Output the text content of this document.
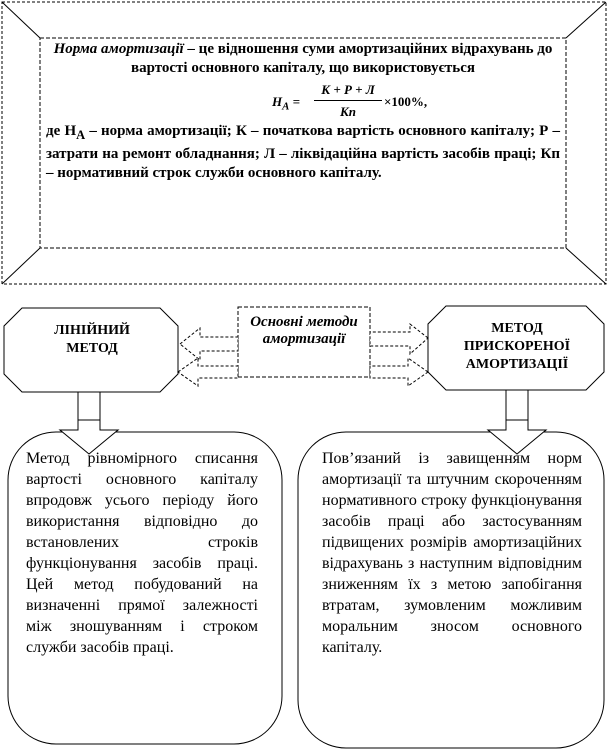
Норма амортизації – це відношення суми амортизаційних відрахувань до вартості основного капіталу, що використовується
$Н_А$ =
К + Р + Л
Кп
×100%,
де $Н_А$ – норма амортизації; К – початкова вартість основного капіталу; Р – затрати на ремонт обладнання; Л – ліквідаційна вартість засобів праці; Кп – нормативний строк служби основного капіталу.
ЛІНІЙНИЙ МЕТОД
МЕТОД ПРИСКОРЕНОЇ АМОРТИЗАЦІЇ
Основні методи амортизації
Метод рівномірного списання вартості основного капіталу впродовж усього періоду його використання відповідно до встановлених строків функціонування засобів праці. Цей метод побудований на визначенні прямої залежності між зношуванням і строком служби засобів праці.
Пов’язаний із завищенням норм амортизації та штучним скороченням нормативного строку функціонування засобів праці або застосуванням підвищених розмірів амортизаційних відрахувань з наступним відповідним зниженням їх з метою запобігання втратам, зумовленим можливим моральним зносом основного капіталу.
